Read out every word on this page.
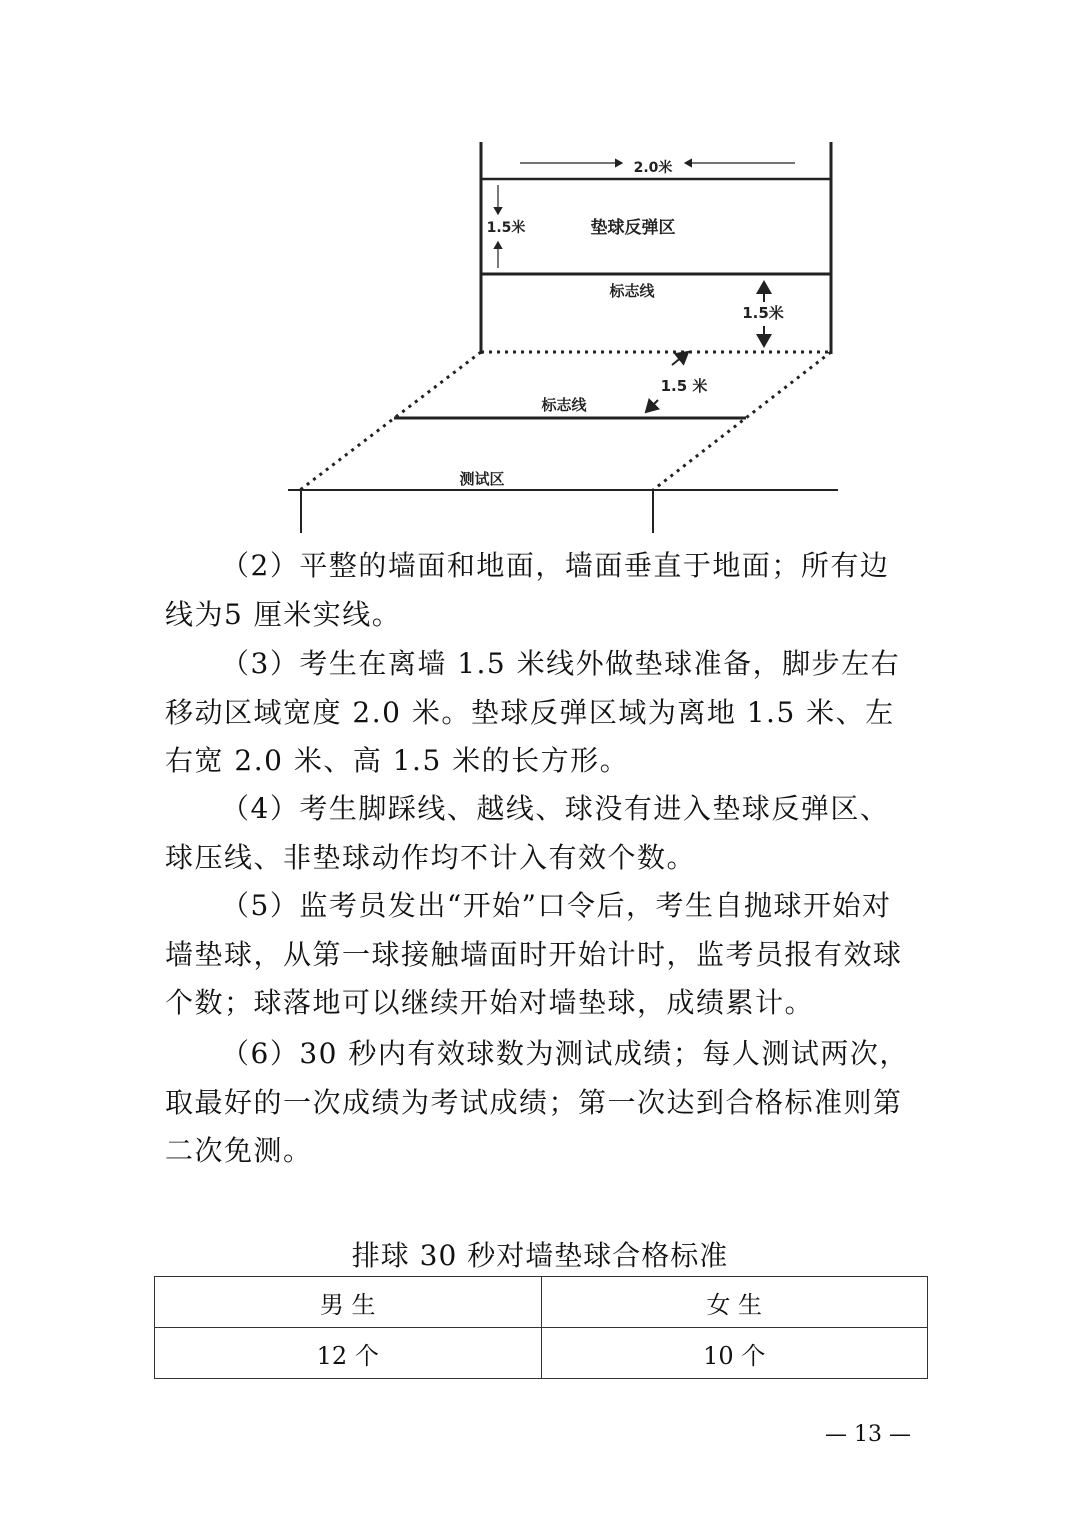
2.0米
1.5米	垫球反弹区
标志线
1.5米
1.5 米
标志线
测试区

（2）平整的墙面和地面，墙面垂直于地面；所有边线为5 厘米实线。

（3）考生在离墙 1.5 米线外做垫球准备，脚步左右移动区域宽度 2.0 米。垫球反弹区域为离地 1.5 米、左右宽 2.0 米、高 1.5 米的长方形。

（4）考生脚踩线、越线、球没有进入垫球反弹区、球压线、非垫球动作均不计入有效个数。

（5）监考员发出“开始”口令后，考生自抛球开始对墙垫球，从第一球接触墙面时开始计时，监考员报有效球个数；球落地可以继续开始对墙垫球，成绩累计。

（6）30 秒内有效球数为测试成绩；每人测试两次，取最好的一次成绩为考试成绩；第一次达到合格标准则第二次免测。

排球 30 秒对墙垫球合格标准
男 生	女 生
12 个	10 个
— 13 —
